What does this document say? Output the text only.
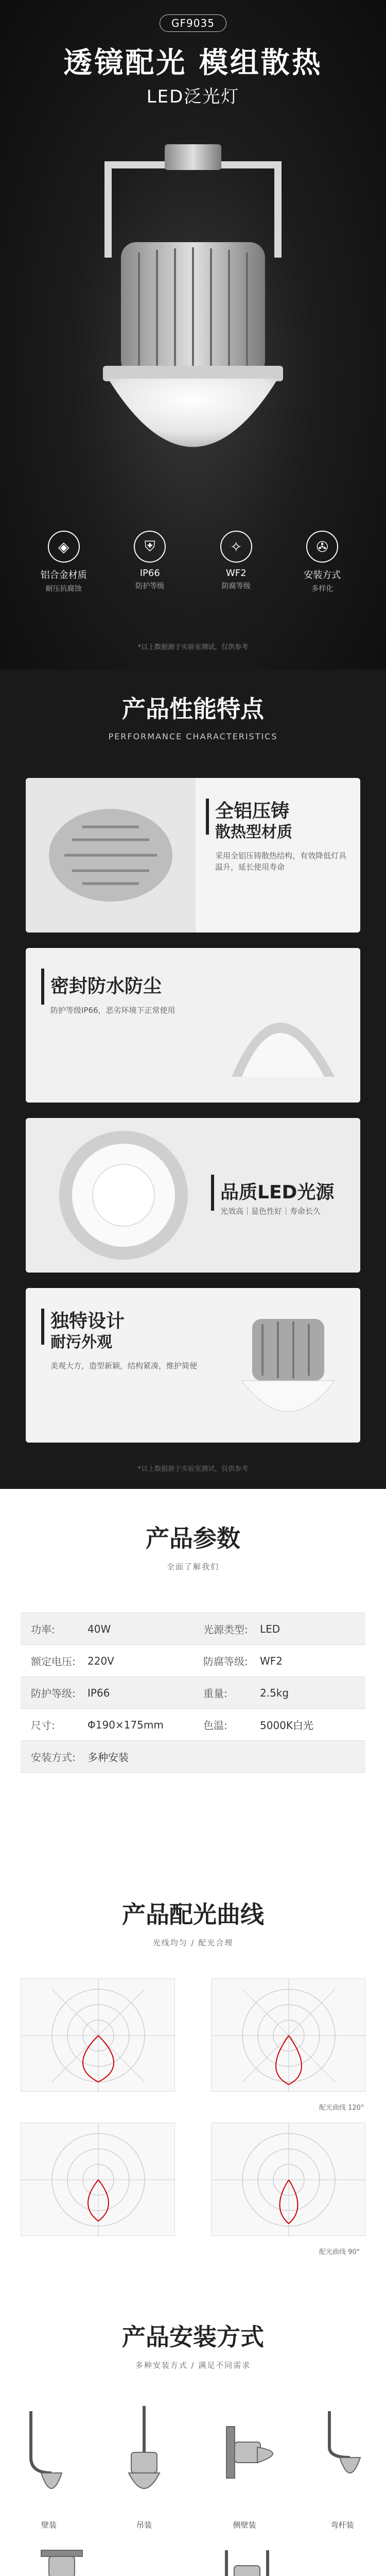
GF9035
透镜配光 模组散热
LED泛光灯
◈
铝合金材质
耐压抗腐蚀
⛨
IP66
防护等级
✧
WF2
防腐等级
✇
安装方式
多样化
*以上数据源于实验室测试，仅供参考
产品性能特点
PERFORMANCE CHARACTERISTICS
全铝压铸
散热型材质
采用全铝压铸散热结构，有效降低灯具温升，延长使用寿命
密封防水防尘
防护等级IP66，恶劣环境下正常使用
品质LED光源
光效高｜显色性好｜寿命长久
独特设计
耐污外观
美观大方，造型新颖，结构紧凑，维护简便
*以上数据源于实验室测试，仅供参考
产品参数
全面了解我们
功率:	40W	光源类型: LED
额定电压: 220V	防腐等级: WF2
防护等级: IP66	重量:	2.5kg
尺寸:	Φ190×175mm	色温:	5000K白光
安装方式: 多种安装
产品配光曲线
光线均匀 / 配光合理
配光曲线 120°
配光曲线 90°
产品安装方式
多种安装方式 / 满足不同需求
壁装	吊装	侧壁装	弯杆装
